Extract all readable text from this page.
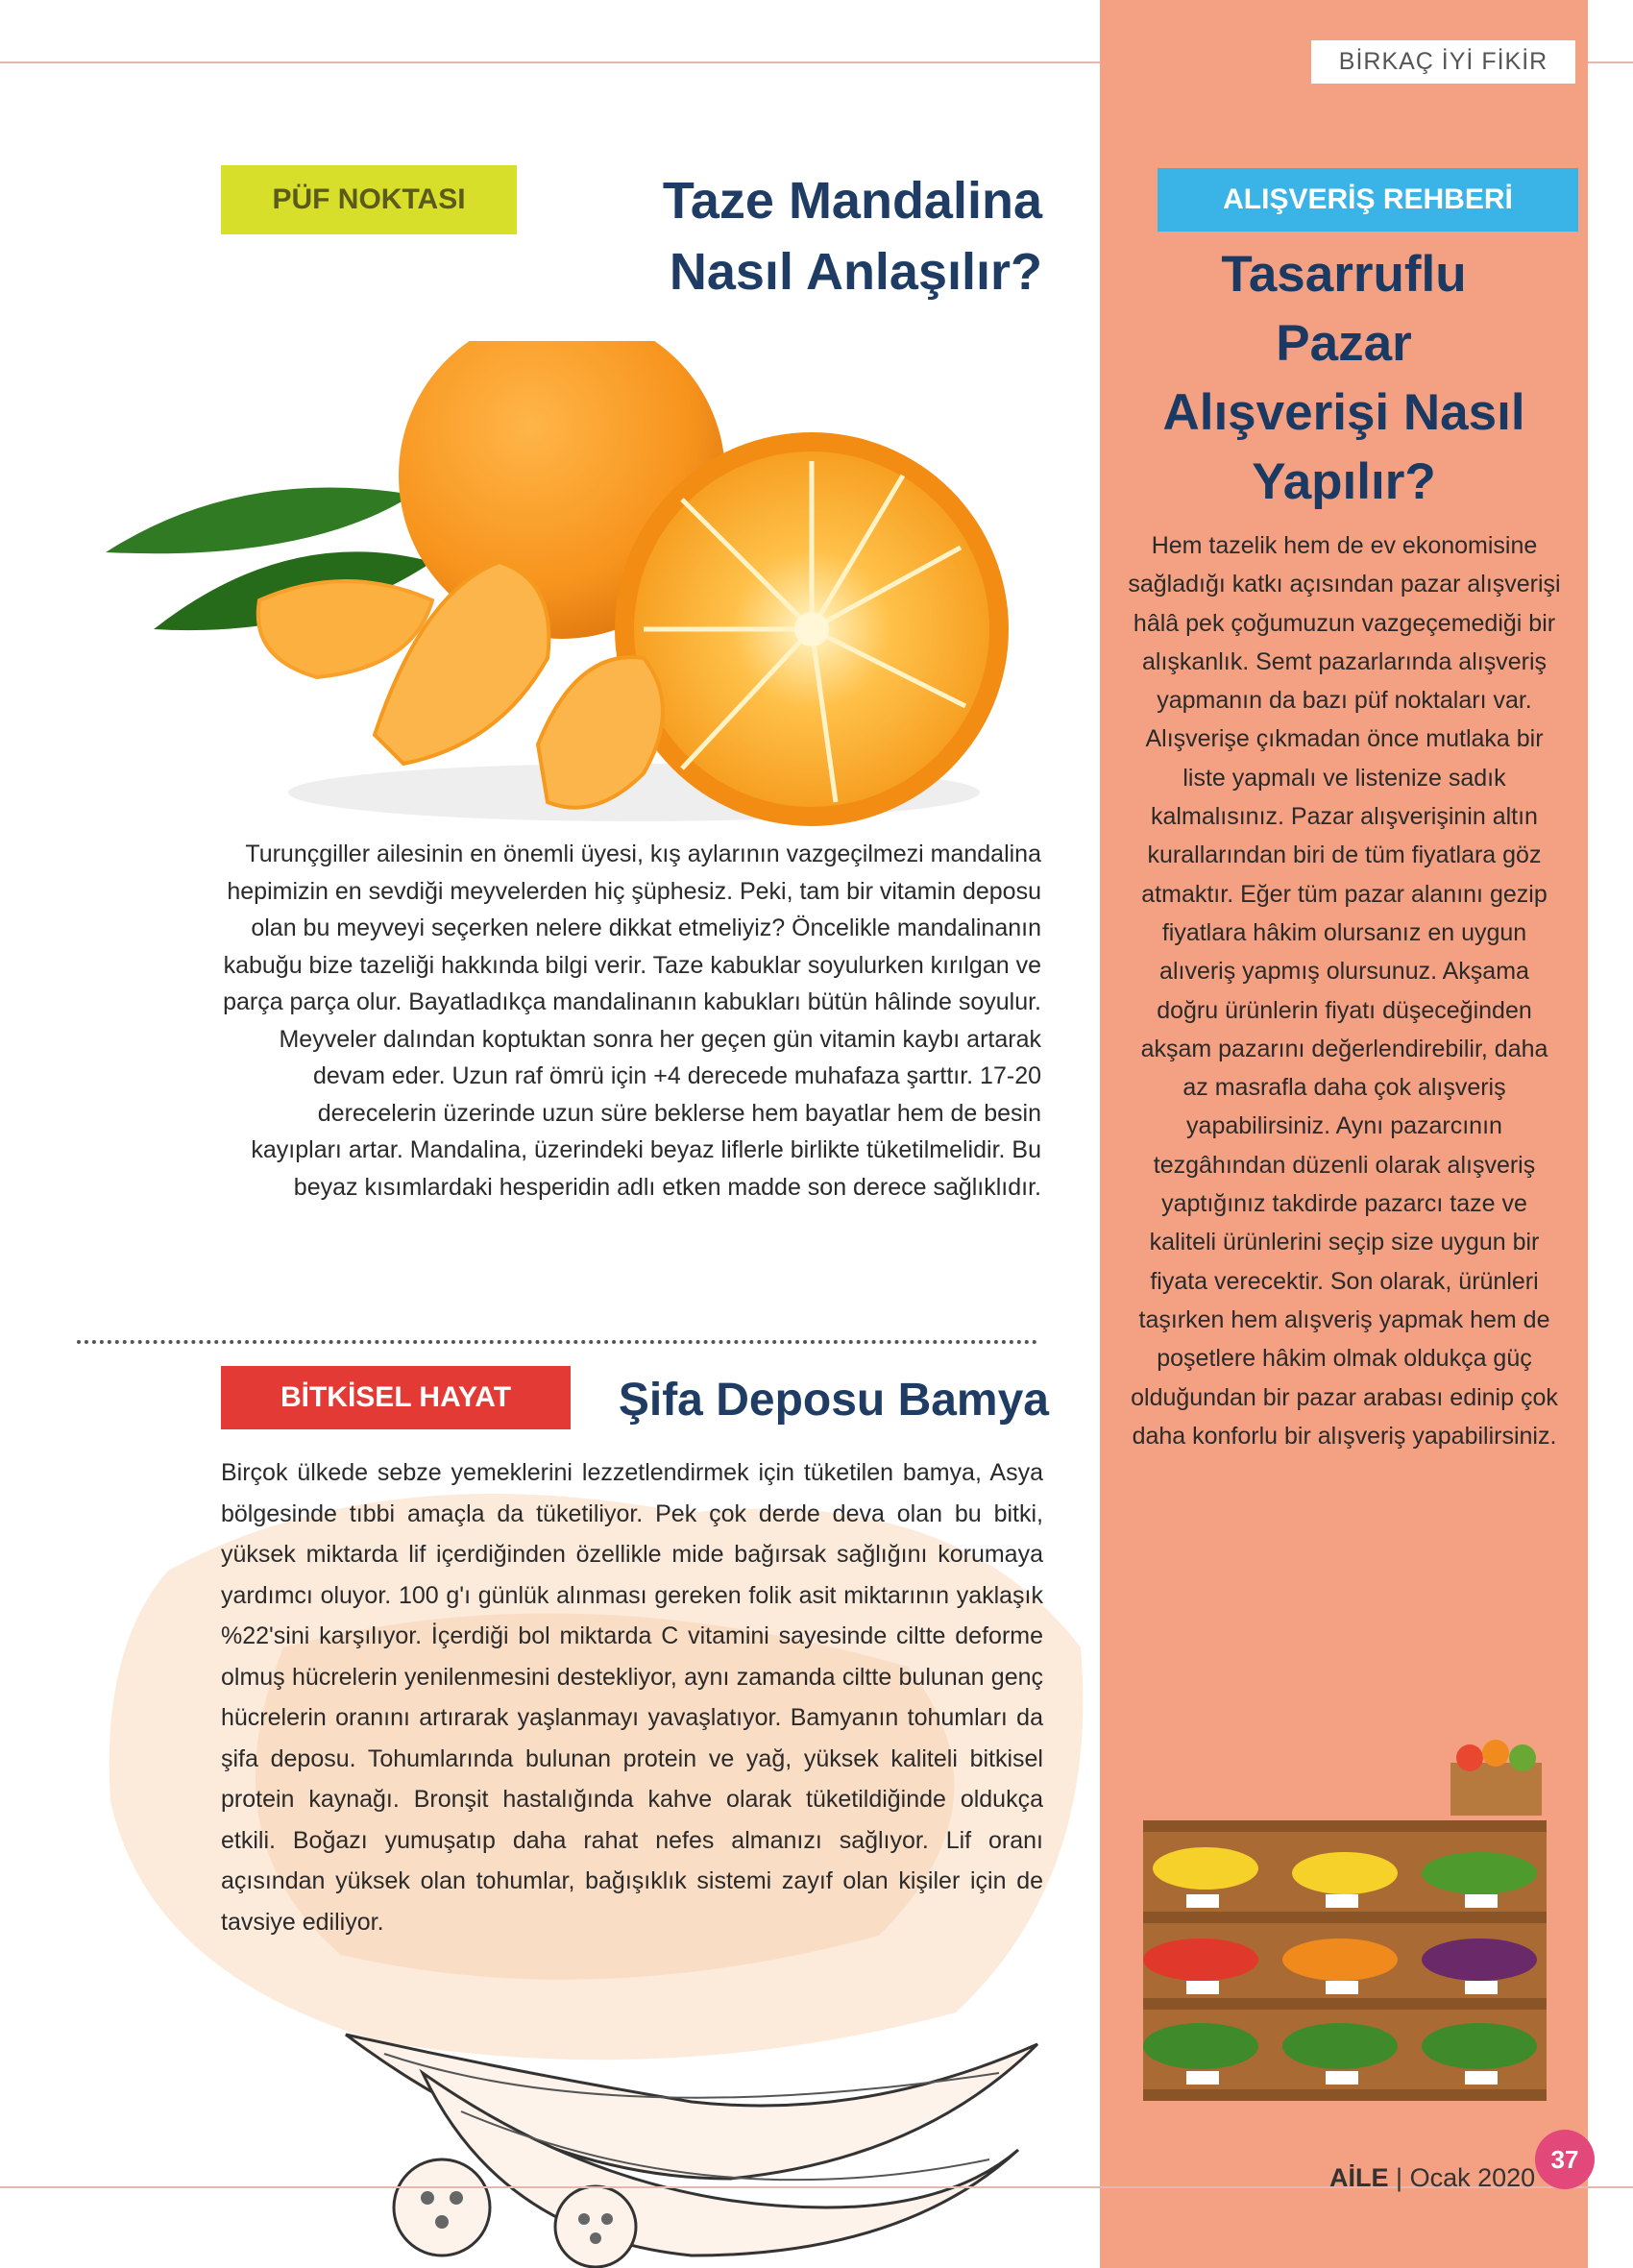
BİRKAÇ İYİ FİKİR
PÜF NOKTASI	Taze Mandalina
Nasıl Anlaşılır?

Turunçgiller ailesinin en önemli üyesi, kış aylarının vazgeçilmezi mandalina hepimizin en sevdiği meyvelerden hiç şüphesiz. Peki, tam bir vitamin deposu olan bu meyveyi seçerken nelere dikkat etmeliyiz? Öncelikle mandalinanın kabuğu bize tazeliği hakkında bilgi verir. Taze kabuklar soyulurken kırılgan ve parça parça olur. Bayatladıkça mandalinanın kabukları bütün hâlinde soyulur. Meyveler dalından koptuktan sonra her geçen gün vitamin kaybı artarak devam eder. Uzun raf ömrü için +4 derecede muhafaza şarttır. 17-20 derecelerin üzerinde uzun süre beklerse hem bayatlar hem de besin kayıpları artar. Mandalina, üzerindeki beyaz liflerle birlikte tüketilmelidir. Bu beyaz kısımlardaki hesperidin adlı etken madde son derece sağlıklıdır.

BİTKİSEL HAYAT	Şifa Deposu Bamya

Birçok ülkede sebze yemeklerini lezzetlendirmek için tüketilen bamya, Asya bölgesinde tıbbi amaçla da tüketiliyor. Pek çok derde deva olan bu bitki, yüksek miktarda lif içerdiğinden özellikle mide bağırsak sağlığını korumaya yardımcı oluyor. 100 g'ı günlük alınması gereken folik asit miktarının yaklaşık %22'sini karşılıyor. İçerdiği bol miktarda C vitamini sayesinde ciltte deforme olmuş hücrelerin yenilenmesini destekliyor, aynı zamanda ciltte bulunan genç hücrelerin oranını artırarak yaşlanmayı yavaşlatıyor. Bamyanın tohumları da şifa deposu. Tohumlarında bulunan protein ve yağ, yüksek kaliteli bitkisel protein kaynağı. Bronşit hastalığında kahve olarak tüketildiğinde oldukça etkili. Boğazı yumuşatıp daha rahat nefes almanızı sağlıyor. Lif oranı açısından yüksek olan tohumlar, bağışıklık sistemi zayıf olan kişiler için de tavsiye ediliyor.

ALIŞVERİŞ REHBERİ
Tasarruflu
Pazar
Alışverişi Nasıl
Yapılır?

Hem tazelik hem de ev ekonomisine sağladığı katkı açısından pazar alışverişi hâlâ pek çoğumuzun vazgeçemediği bir alışkanlık. Semt pazarlarında alışveriş yapmanın da bazı püf noktaları var. Alışverişe çıkmadan önce mutlaka bir liste yapmalı ve listenize sadık kalmalısınız. Pazar alışverişinin altın kurallarından biri de tüm fiyatlara göz atmaktır. Eğer tüm pazar alanını gezip fiyatlara hâkim olursanız en uygun alıveriş yapmış olursunuz. Akşama doğru ürünlerin fiyatı düşeceğinden akşam pazarını değerlendirebilir, daha az masrafla daha çok alışveriş yapabilirsiniz. Aynı pazarcının tezgâhından düzenli olarak alışveriş yaptığınız takdirde pazarcı taze ve kaliteli ürünlerini seçip size uygun bir fiyata verecektir. Son olarak, ürünleri taşırken hem alışveriş yapmak hem de poşetlere hâkim olmak oldukça güç olduğundan bir pazar arabası edinip çok daha konforlu bir alışveriş yapabilirsiniz.

AİLE | Ocak 2020
37
